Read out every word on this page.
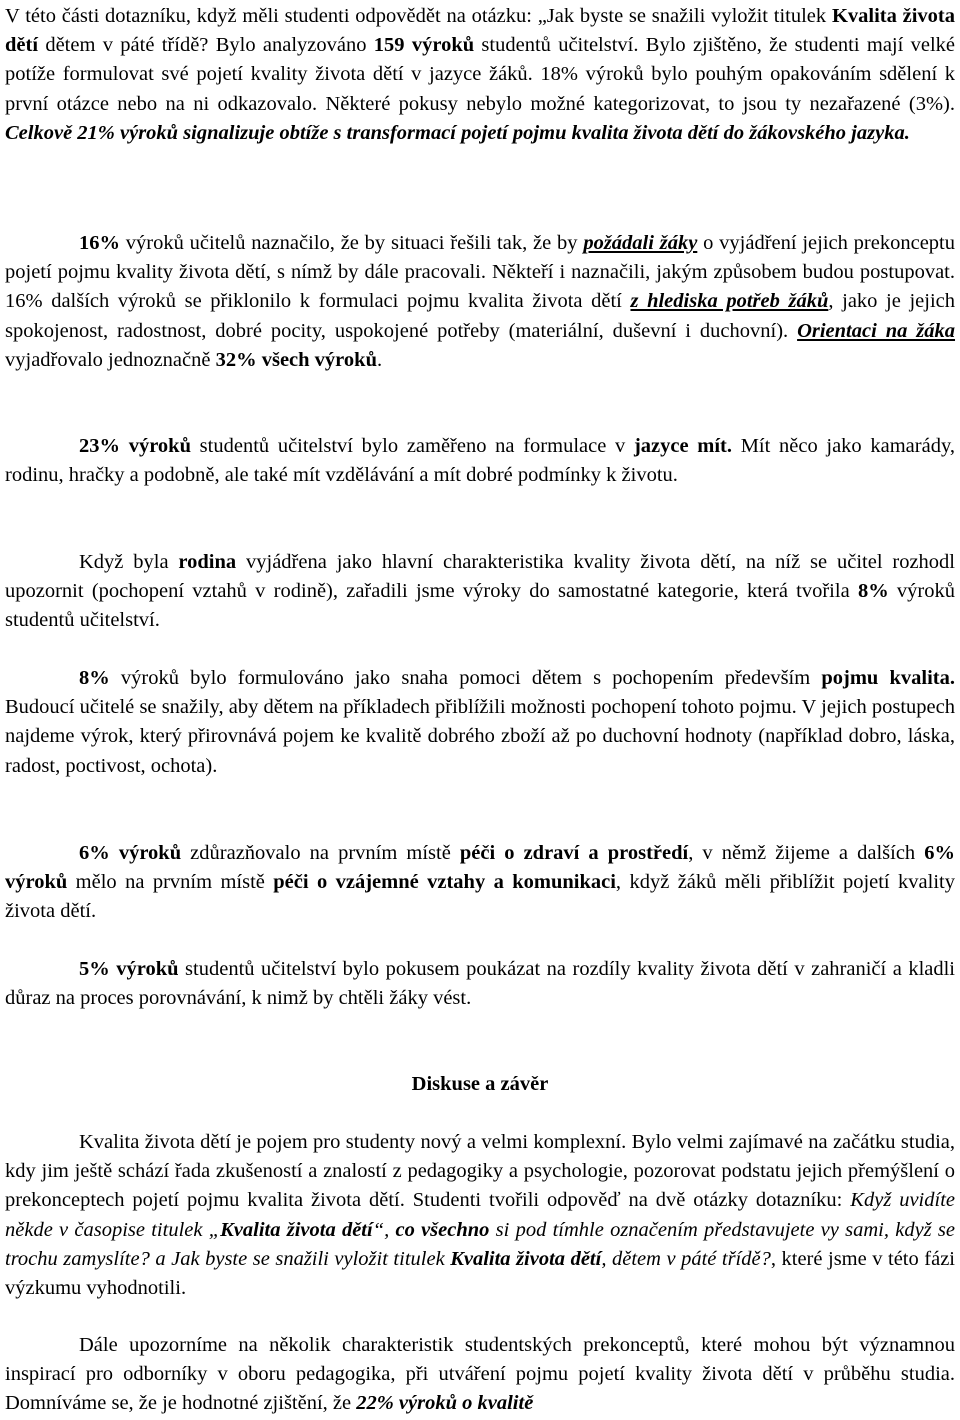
V této části dotazníku, když měli studenti odpovědět na otázku: „Jak byste se snažili vyložit titulek Kvalita života dětí dětem v páté třídě? Bylo analyzováno 159 výroků studentů učitelství. Bylo zjištěno, že studenti mají velké potíže formulovat své pojetí kvality života dětí v jazyce žáků. 18% výroků bylo pouhým opakováním sdělení k první otázce nebo na ni odkazovalo. Některé pokusy nebylo možné kategorizovat, to jsou ty nezařazené (3%). Celkově 21% výroků signalizuje obtíže s transformací pojetí pojmu kvalita života dětí do žákovského jazyka.

16% výroků učitelů naznačilo, že by situaci řešili tak, že by požádali žáky o vyjádření jejich prekonceptu pojetí pojmu kvality života dětí, s nímž by dále pracovali. Někteří i naznačili, jakým způsobem budou postupovat. 16% dalších výroků se přiklonilo k formulaci pojmu kvalita života dětí z hlediska potřeb žáků, jako je jejich spokojenost, radostnost, dobré pocity, uspokojené potřeby (materiální, duševní i duchovní). Orientaci na žáka vyjadřovalo jednoznačně 32% všech výroků.

23% výroků studentů učitelství bylo zaměřeno na formulace v jazyce mít. Mít něco jako kamarády, rodinu, hračky a podobně, ale také mít vzdělávání a mít dobré podmínky k životu.

Když byla rodina vyjádřena jako hlavní charakteristika kvality života dětí, na níž se učitel rozhodl upozornit (pochopení vztahů v rodině), zařadili jsme výroky do samostatné kategorie, která tvořila 8% výroků studentů učitelství.

8% výroků bylo formulováno jako snaha pomoci dětem s pochopením především pojmu kvalita. Budoucí učitelé se snažily, aby dětem na příkladech přiblížili možnosti pochopení tohoto pojmu. V jejich postupech najdeme výrok, který přirovnává pojem ke kvalitě dobrého zboží až po duchovní hodnoty (například dobro, láska, radost, poctivost, ochota).

6% výroků zdůrazňovalo na prvním místě péči o zdraví a prostředí, v němž žijeme a dalších 6% výroků mělo na prvním místě péči o vzájemné vztahy a komunikaci, když žáků měli přiblížit pojetí kvality života dětí.

5% výroků studentů učitelství bylo pokusem poukázat na rozdíly kvality života dětí v zahraničí a kladli důraz na proces porovnávání, k nimž by chtěli žáky vést.

Diskuse a závěr

Kvalita života dětí je pojem pro studenty nový a velmi komplexní. Bylo velmi zajímavé na začátku studia, kdy jim ještě schází řada zkušeností a znalostí z pedagogiky a psychologie, pozorovat podstatu jejich přemýšlení o prekonceptech pojetí pojmu kvalita života dětí. Studenti tvořili odpověď na dvě otázky dotazníku: Když uvidíte někde v časopise titulek „Kvalita života dětí“, co všechno si pod tímhle označením představujete vy sami, když se trochu zamyslíte? a Jak byste se snažili vyložit titulek Kvalita života dětí, dětem v páté třídě?, které jsme v této fázi výzkumu vyhodnotili.

Dále upozorníme na několik charakteristik studentských prekonceptů, které mohou být významnou inspirací pro odborníky v oboru pedagogika, při utváření pojmu pojetí kvality života dětí v průběhu studia. Domníváme se, že je hodnotné zjištění, že 22% výroků o kvalitě
